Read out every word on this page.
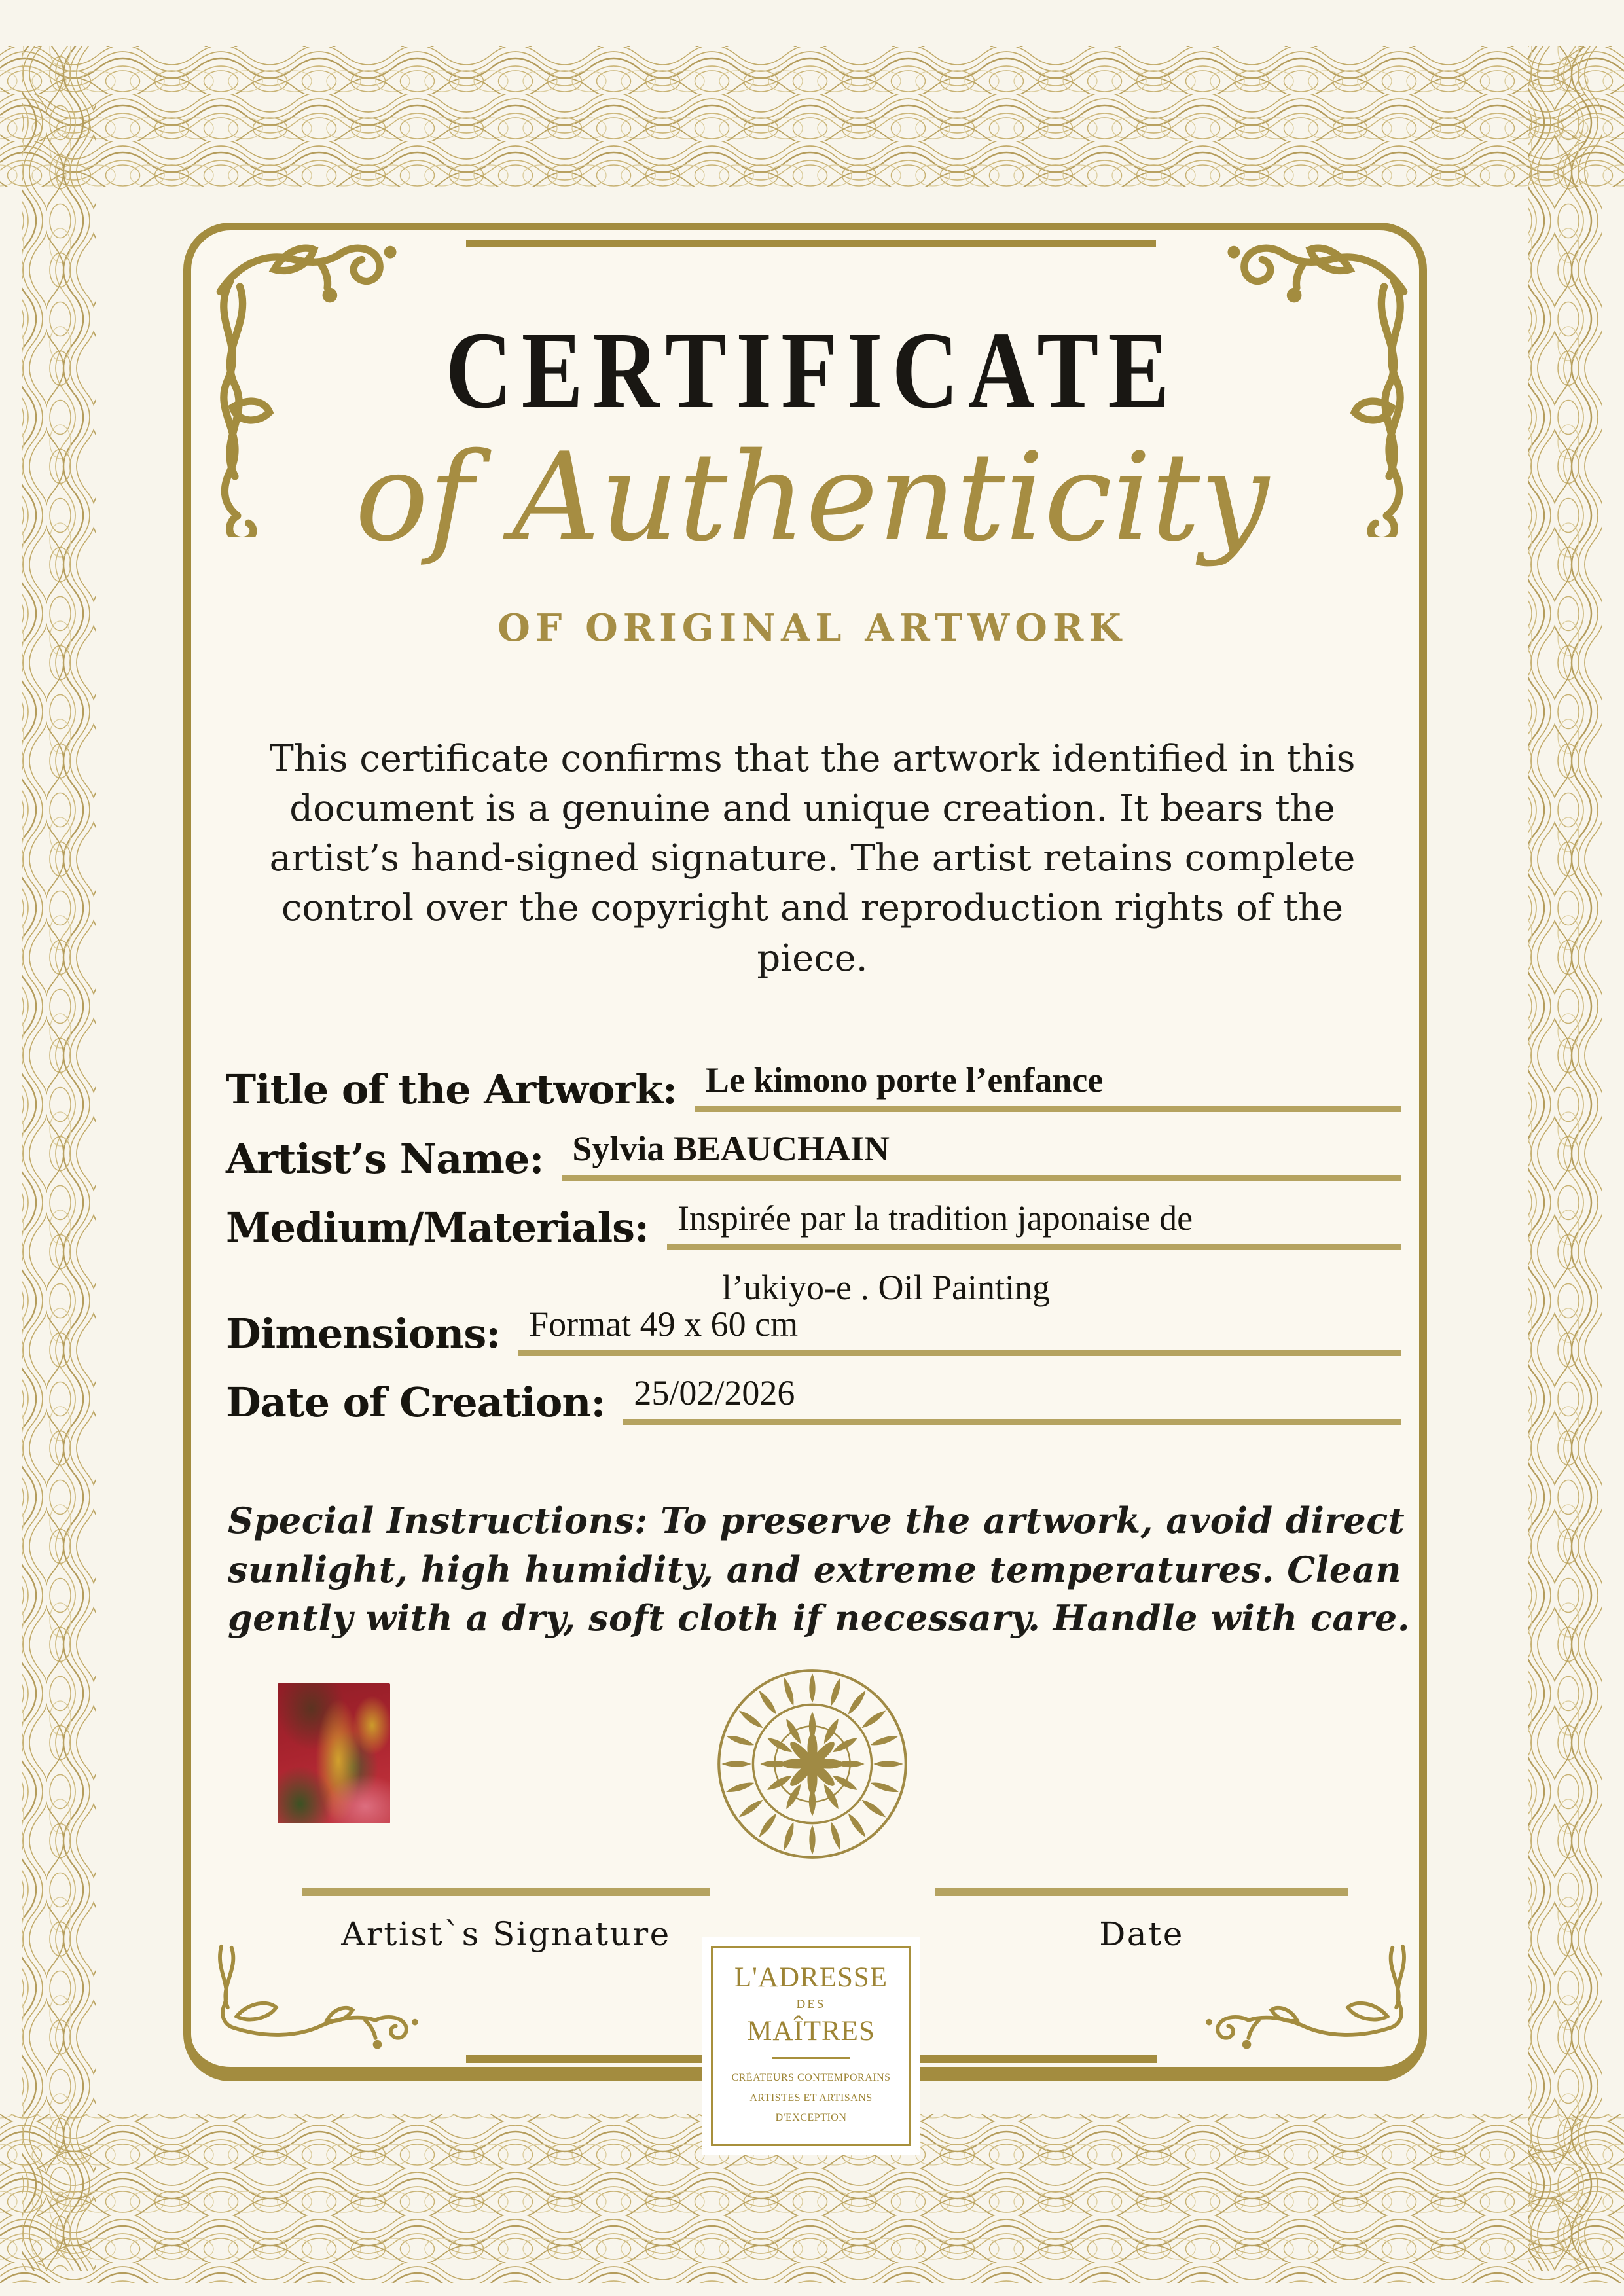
CERTIFICATE
of Authenticity
OF ORIGINAL ARTWORK

This certificate confirms that the artwork identified in this document is a genuine and unique creation. It bears the artist’s hand-signed signature. The artist retains complete control over the copyright and reproduction rights of the piece.

Title of the Artwork: Le kimono porte l’enfance
Artist’s Name: Sylvia BEAUCHAIN
Medium/Materials: Inspirée par la tradition japonaise de
l’ukiyo-e . Oil Painting
Dimensions: Format 49 x 60 cm
Date of Creation: 25/02/2026

Special Instructions: To preserve the artwork, avoid direct sunlight, high humidity, and extreme temperatures. Clean gently with a dry, soft cloth if necessary. Handle with care.

Artist`s Signature	Date
L'ADRESSE
DES
MAÎTRES
CRÉATEURS CONTEMPORAINS
ARTISTES ET ARTISANS
D'EXCEPTION
